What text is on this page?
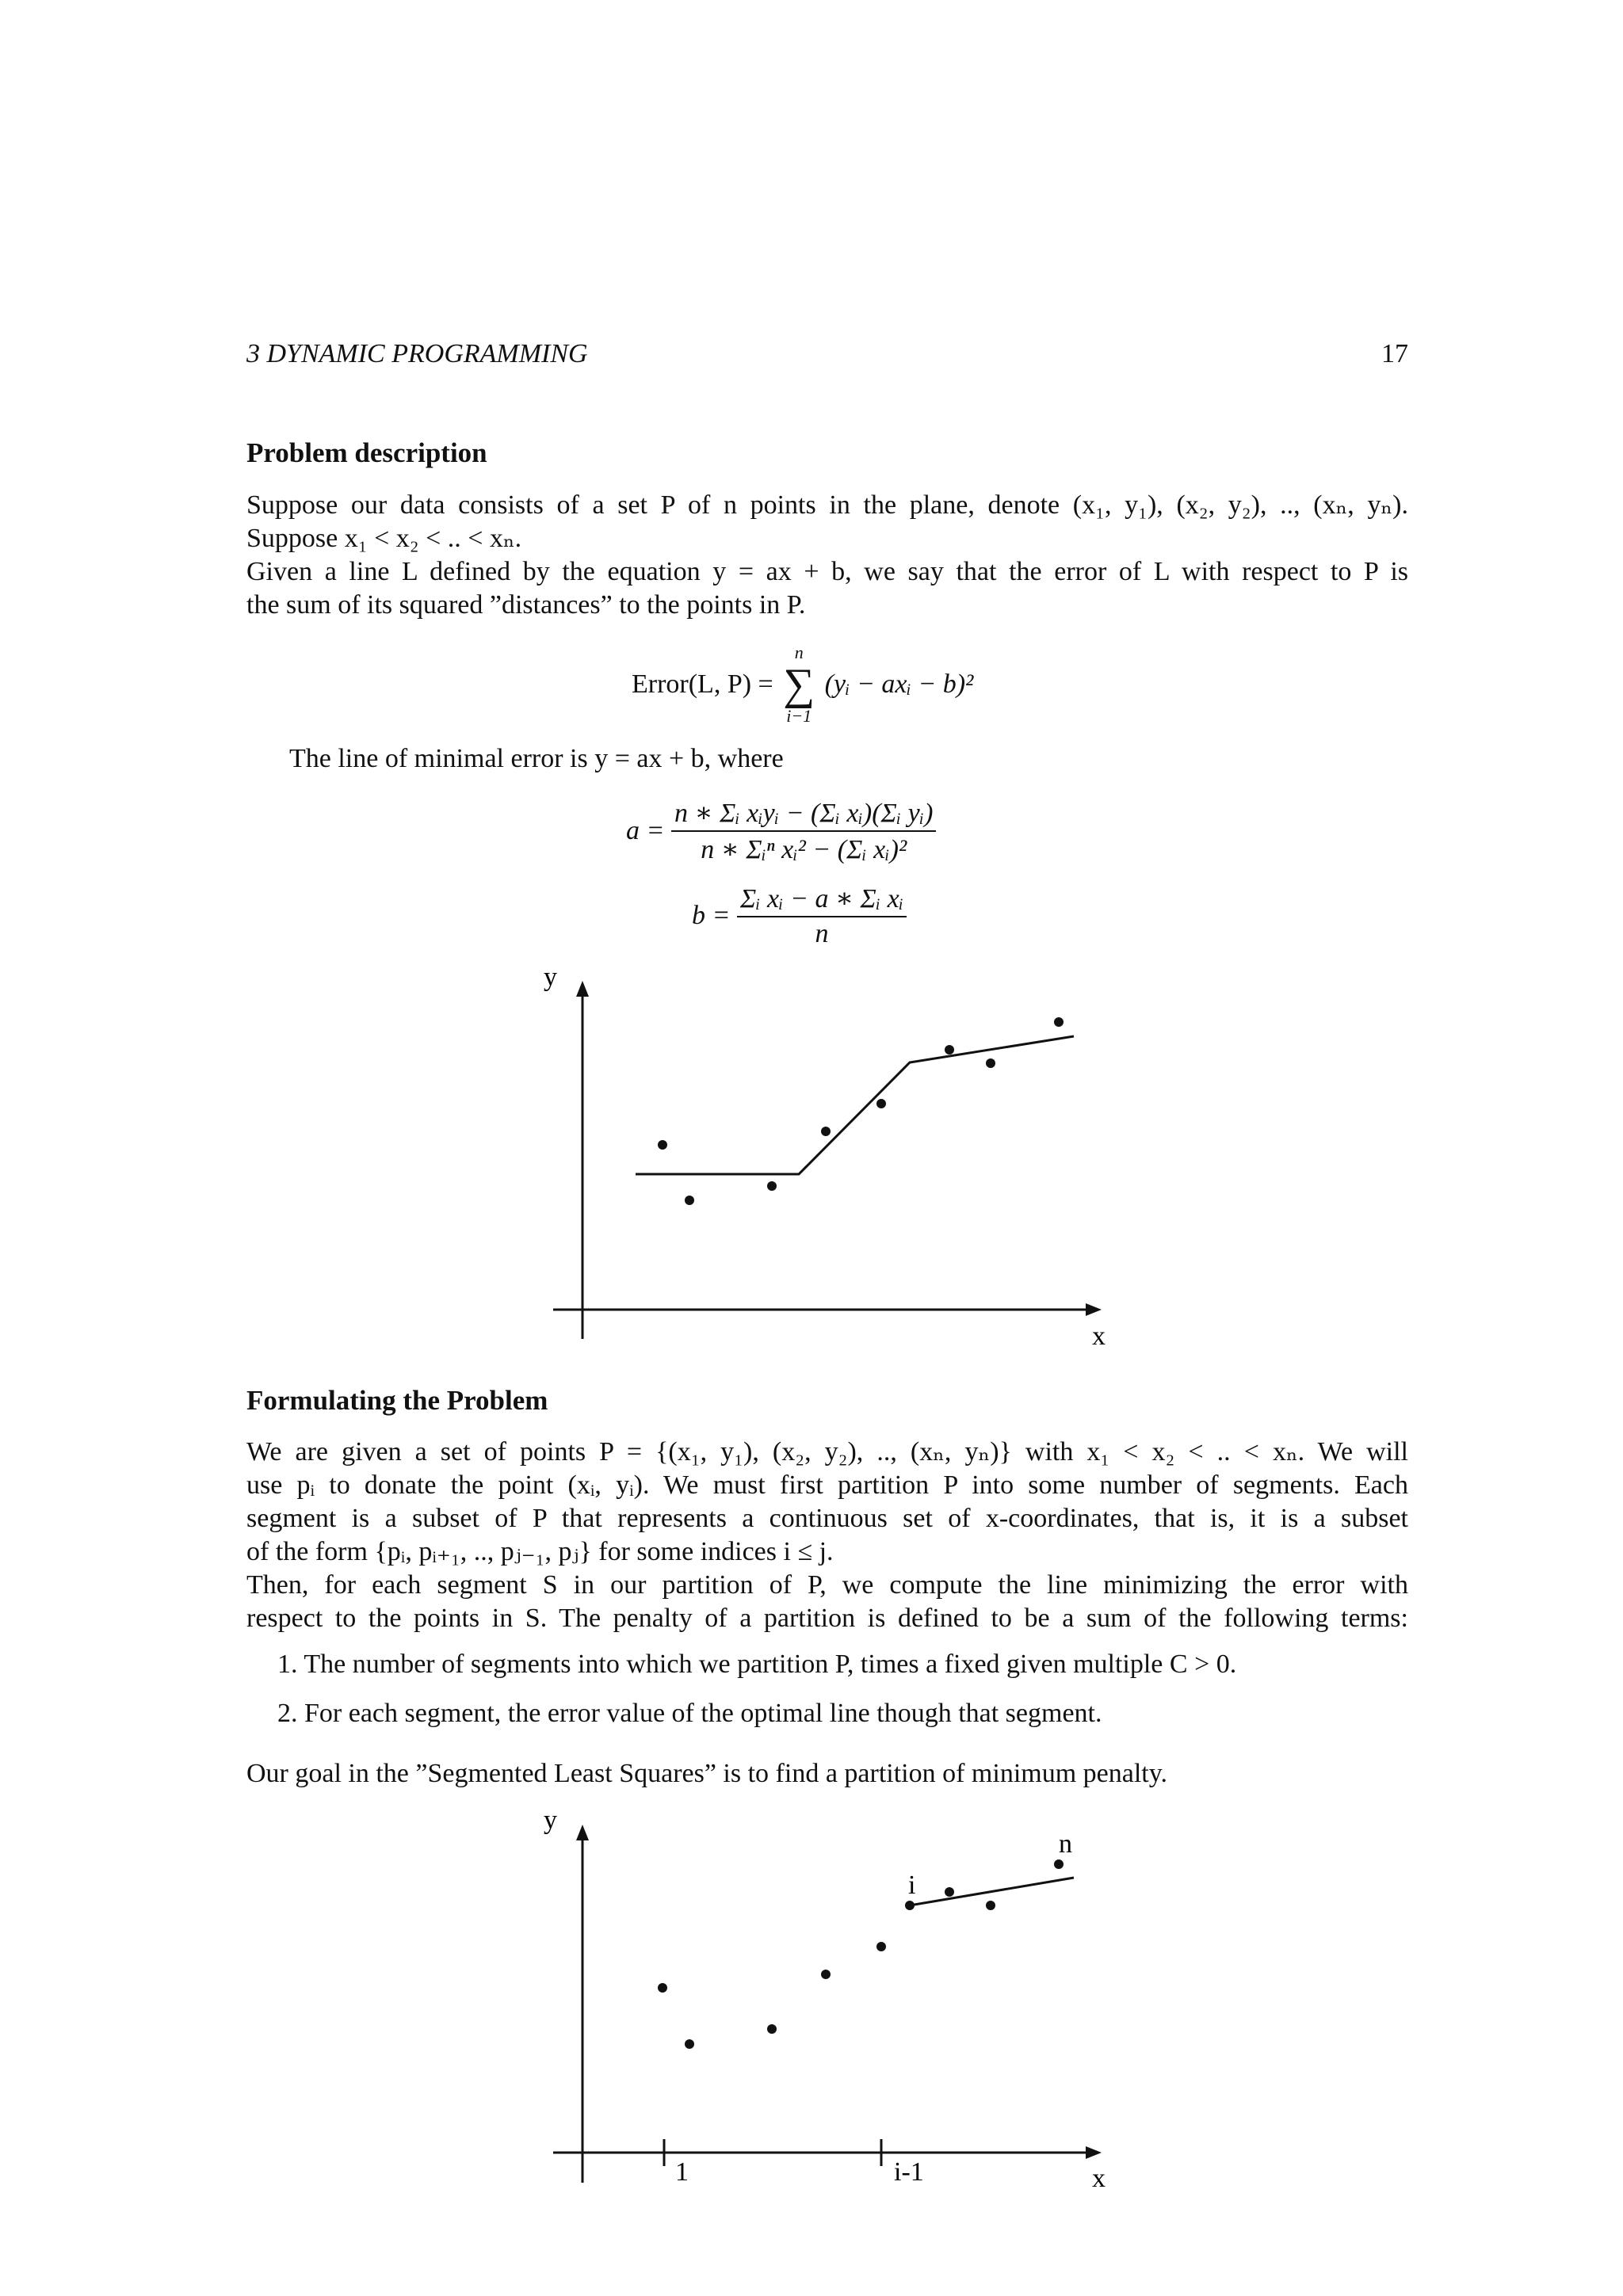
3 DYNAMIC PROGRAMMING	17
Problem description
Suppose our data consists of a set P of n points in the plane, denote (x₁, y₁), (x₂, y₂), .., (xₙ, yₙ).
Suppose x₁ < x₂ < .. < xₙ.
Given a line L defined by the equation y = ax + b, we say that the error of L with respect to P is
the sum of its squared ”distances” to the points in P.
Error(L, P) =
n
∑
i−1
(yᵢ − axᵢ − b)²
The line of minimal error is y = ax + b, where
$a = \frac{\text{n ∗ Σᵢ xᵢyᵢ − (Σᵢ xᵢ)(Σᵢ yᵢ)}}{\text{n ∗ Σᵢⁿ xᵢ² − (Σᵢ xᵢ)²}}$
$b = \frac{\text{Σᵢ xᵢ − a ∗ Σᵢ xᵢ}}{n}$
y
x
y
x
1	i-1
i
n
Formulating the Problem
We are given a set of points P = {(x₁, y₁), (x₂, y₂), .., (xₙ, yₙ)} with x₁ < x₂ < .. < xₙ. We will
use pᵢ to donate the point (xᵢ, yᵢ). We must first partition P into some number of segments. Each
segment is a subset of P that represents a continuous set of x-coordinates, that is, it is a subset
of the form {pᵢ, pᵢ₊₁, .., pⱼ₋₁, pⱼ} for some indices i ≤ j.
Then, for each segment S in our partition of P, we compute the line minimizing the error with
respect to the points in S. The penalty of a partition is defined to be a sum of the following terms:
1. The number of segments into which we partition P, times a fixed given multiple C > 0.
2. For each segment, the error value of the optimal line though that segment.
Our goal in the ”Segmented Least Squares” is to find a partition of minimum penalty.
